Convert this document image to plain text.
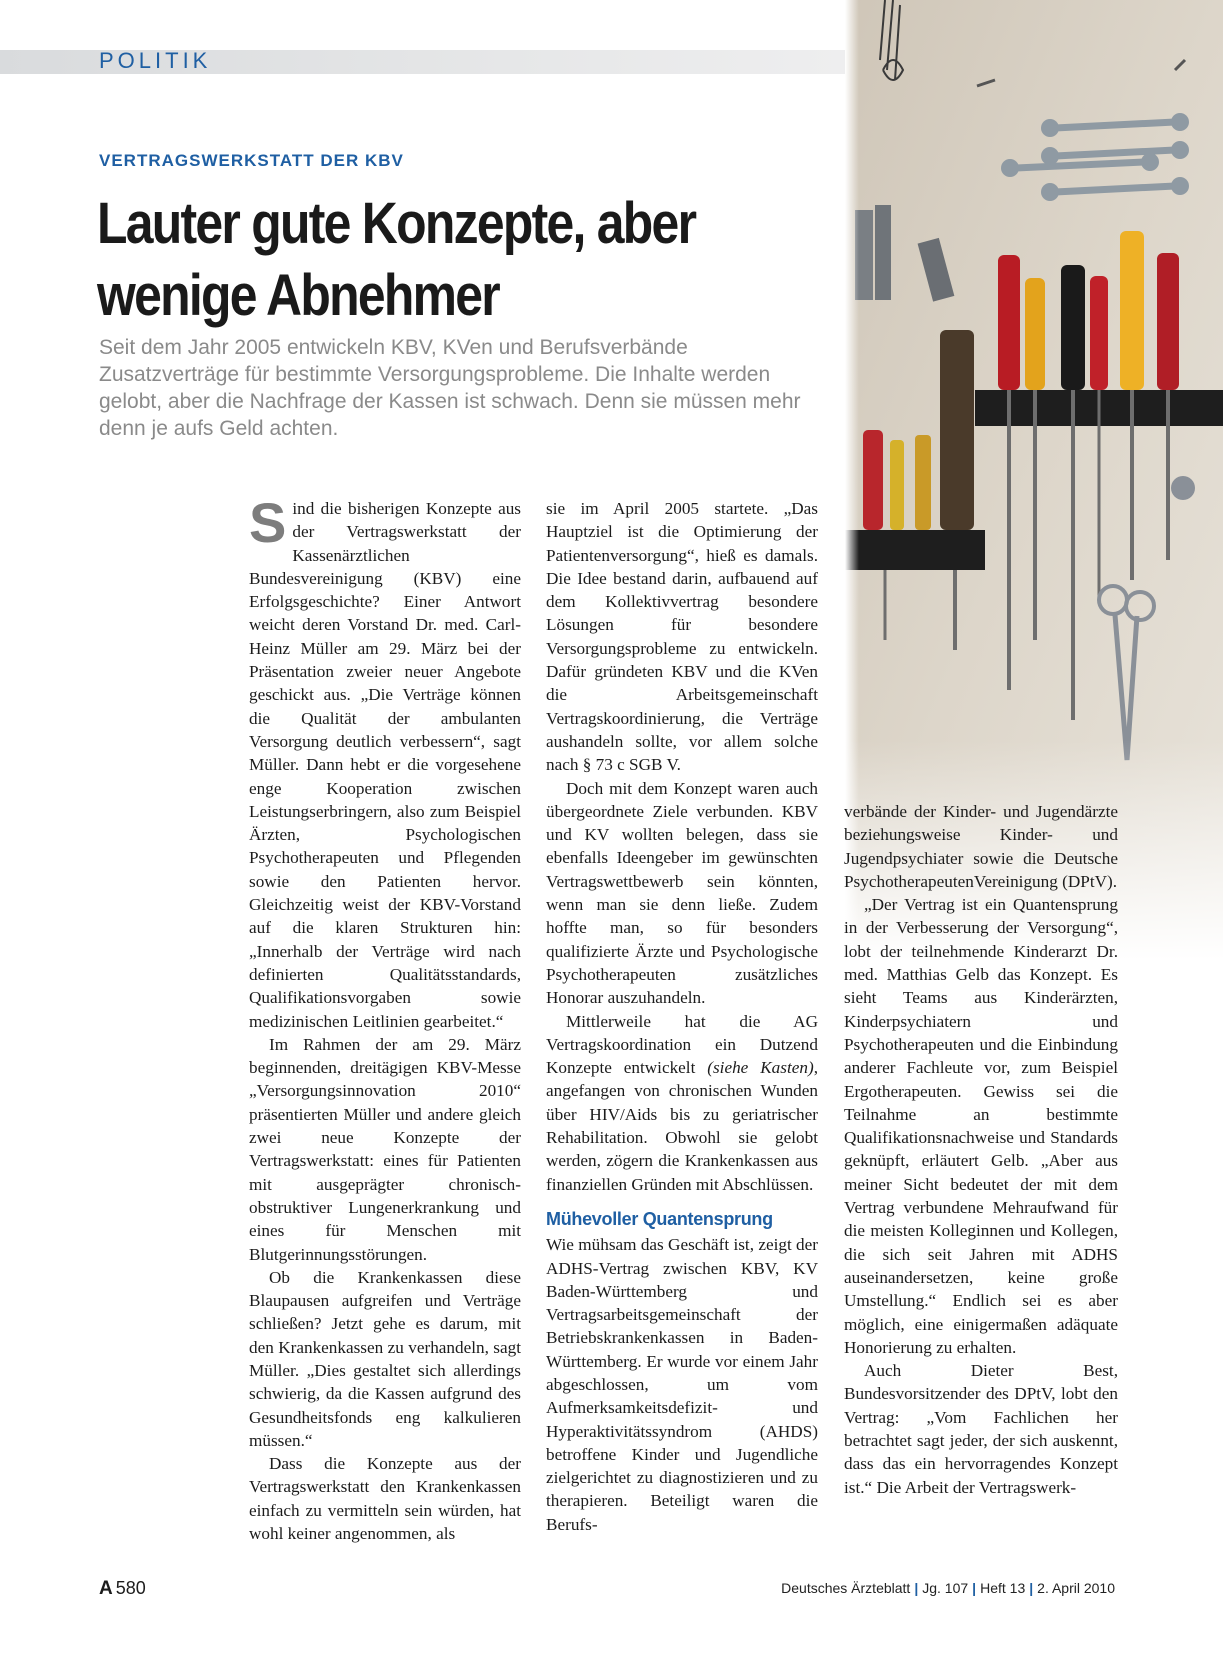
POLITIK
VERTRAGSWERKSTATT DER KBV
Lauter gute Konzepte, aber
wenige Abnehmer
Seit dem Jahr 2005 entwickeln KBV, KVen und Berufsverbände Zusatzverträge für bestimmte Versorgungsprobleme. Die Inhalte werden gelobt, aber die Nachfrage der Kassen ist schwach. Denn sie müssen mehr denn je aufs Geld achten.

Sind die bisherigen Konzepte aus der Vertragswerkstatt der Kassenärztlichen Bundesvereinigung (KBV) eine Erfolgsgeschichte? Einer Antwort weicht deren Vorstand Dr. med. Carl-Heinz Müller am 29. März bei der Präsentation zweier neuer Angebote geschickt aus. „Die Verträge können die Qualität der ambulanten Versorgung deutlich verbessern“, sagt Müller. Dann hebt er die vorgesehene enge Kooperation zwischen Leistungserbringern, also zum Beispiel Ärzten, Psychologischen Psychotherapeuten und Pflegenden sowie den Patienten hervor. Gleichzeitig weist der KBV-Vorstand auf die klaren Strukturen hin: „Innerhalb der Verträge wird nach definierten Qualitätsstandards, Qualifikationsvorgaben sowie medizinischen Leitlinien gearbeitet.“

Im Rahmen der am 29. März beginnenden, dreitägigen KBV-Messe „Versorgungsinnovation 2010“ präsentierten Müller und andere gleich zwei neue Konzepte der Vertragswerkstatt: eines für Patienten mit ausgeprägter chronisch-obstruktiver Lungenerkrankung und eines für Menschen mit Blutgerinnungsstörungen.

Ob die Krankenkassen diese Blaupausen aufgreifen und Verträge schließen? Jetzt gehe es darum, mit den Krankenkassen zu verhandeln, sagt Müller. „Dies gestaltet sich allerdings schwierig, da die Kassen aufgrund des Gesundheitsfonds eng kalkulieren müssen.“

Dass die Konzepte aus der Vertragswerkstatt den Krankenkassen einfach zu vermitteln sein würden, hat wohl keiner angenommen, als

sie im April 2005 startete. „Das Hauptziel ist die Optimierung der Patientenversorgung“, hieß es damals. Die Idee bestand darin, aufbauend auf dem Kollektivvertrag besondere Lösungen für besondere Versorgungsprobleme zu entwickeln. Dafür gründeten KBV und die KVen die Arbeitsgemeinschaft Vertragskoordinierung, die Verträge aushandeln sollte, vor allem solche nach § 73 c SGB V.

Doch mit dem Konzept waren auch übergeordnete Ziele verbunden. KBV und KV wollten belegen, dass sie ebenfalls Ideengeber im gewünschten Vertragswettbewerb sein könnten, wenn man sie denn ließe. Zudem hoffte man, so für besonders qualifizierte Ärzte und Psychologische Psychotherapeuten zusätzliches Honorar auszuhandeln.

Mittlerweile hat die AG Vertragskoordination ein Dutzend Konzepte entwickelt (siehe Kasten), angefangen von chronischen Wunden über HIV/Aids bis zu geriatrischer Rehabilitation. Obwohl sie gelobt werden, zögern die Krankenkassen aus finanziellen Gründen mit Abschlüssen.

Mühevoller Quantensprung

Wie mühsam das Geschäft ist, zeigt der ADHS-Vertrag zwischen KBV, KV Baden-Württemberg und Vertragsarbeitsgemeinschaft der Betriebskrankenkassen in Baden-Württemberg. Er wurde vor einem Jahr abgeschlossen, um vom Aufmerksamkeitsdefizit- und Hyperaktivitätssyndrom (AHDS) betroffene Kinder und Jugendliche zielgerichtet zu diagnostizieren und zu therapieren. Beteiligt waren die Berufs-

verbände der Kinder- und Jugendärzte beziehungsweise Kinder- und Jugendpsychiater sowie die Deutsche PsychotherapeutenVereinigung (DPtV).

„Der Vertrag ist ein Quantensprung in der Verbesserung der Versorgung“, lobt der teilnehmende Kinderarzt Dr. med. Matthias Gelb das Konzept. Es sieht Teams aus Kinderärzten, Kinderpsychiatern und Psychotherapeuten und die Einbindung anderer Fachleute vor, zum Beispiel Ergotherapeuten. Gewiss sei die Teilnahme an bestimmte Qualifikationsnachweise und Standards geknüpft, erläutert Gelb. „Aber aus meiner Sicht bedeutet der mit dem Vertrag verbundene Mehraufwand für die meisten Kolleginnen und Kollegen, die sich seit Jahren mit ADHS auseinandersetzen, keine große Umstellung.“ Endlich sei es aber möglich, eine einigermaßen adäquate Honorierung zu erhalten.

Auch Dieter Best, Bundesvorsitzender des DPtV, lobt den Vertrag: „Vom Fachlichen her betrachtet sagt jeder, der sich auskennt, dass das ein hervorragendes Konzept ist.“ Die Arbeit der Vertragswerk-

A 580	Deutsches Ärzteblatt | Jg. 107 | Heft 13 | 2. April 2010
